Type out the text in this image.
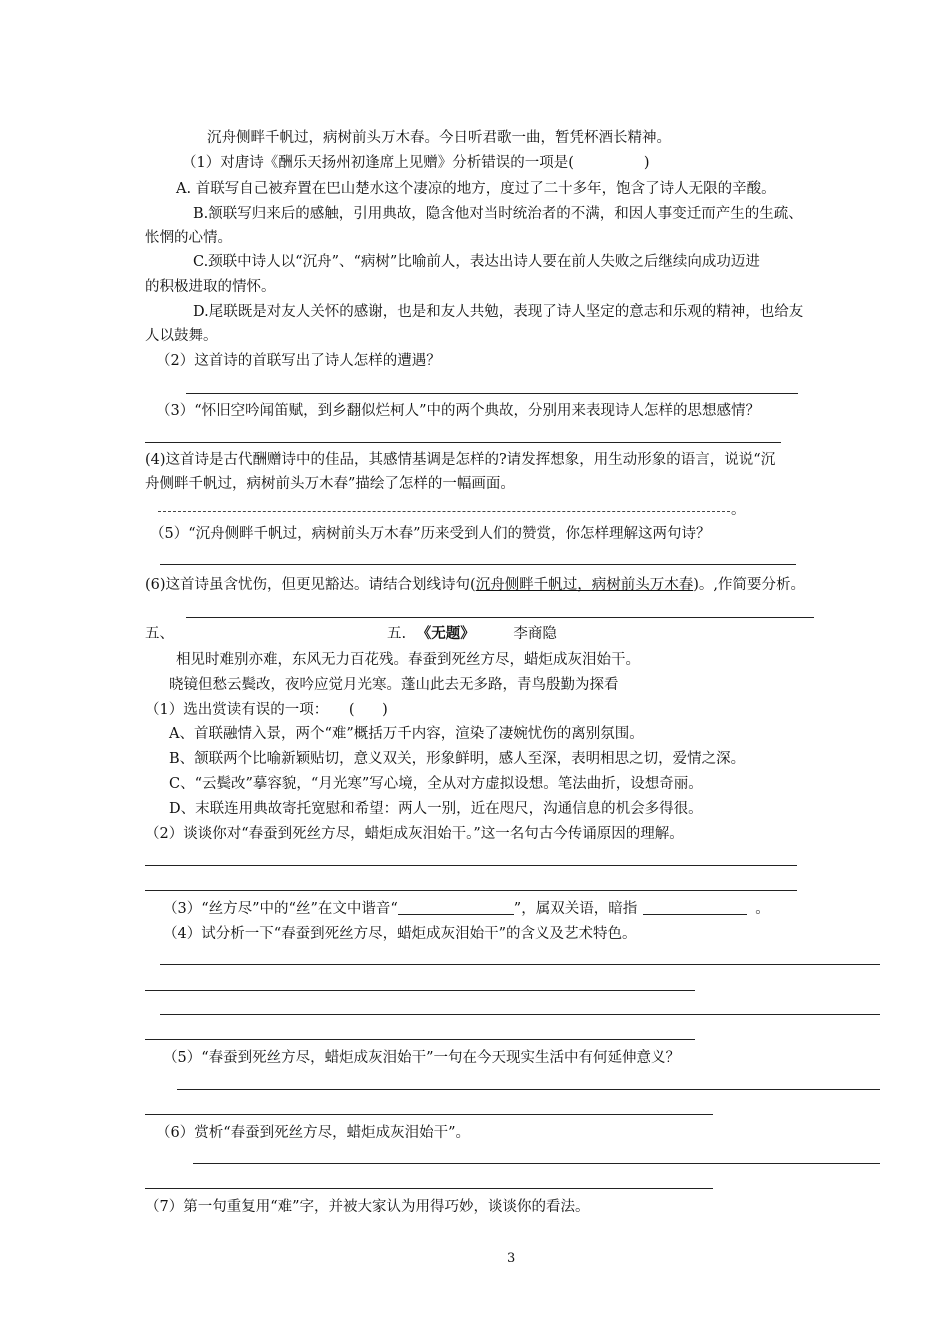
沉舟侧畔千帆过，病树前头万木春。今日听君歌一曲，暂凭杯酒长精神。
（1）对唐诗《酬乐天扬州初逢席上见赠》分析错误的一项是(	)
A. 首联写自己被弃置在巴山楚水这个凄凉的地方，度过了二十多年，饱含了诗人无限的辛酸。
B.颔联写归来后的感触，引用典故，隐含他对当时统治者的不满，和因人事变迁而产生的生疏、
怅惘的心情。
C.颈联中诗人以“沉舟”、“病树”比喻前人，表达出诗人要在前人失败之后继续向成功迈进
的积极进取的情怀。
D.尾联既是对友人关怀的感谢，也是和友人共勉，表现了诗人坚定的意志和乐观的精神，也给友
人以鼓舞。
（2）这首诗的首联写出了诗人怎样的遭遇？
（3）“怀旧空吟闻笛赋，到乡翻似烂柯人”中的两个典故，分别用来表现诗人怎样的思想感情？
(4)这首诗是古代酬赠诗中的佳品，其感情基调是怎样的?请发挥想象，用生动形象的语言，说说“沉
舟侧畔千帆过，病树前头万木春”描绘了怎样的一幅画面。
。
（5）“沉舟侧畔千帆过，病树前头万木春”历来受到人们的赞赏，你怎样理解这两句诗？
(6)这首诗虽含忧伤，但更见豁达。请结合划线诗句(沉舟侧畔千帆过，病树前头万木春)。,作简要分析。
五、	五. 《无题》	李商隐
相见时难别亦难，东风无力百花残。春蚕到死丝方尽，蜡炬成灰泪始干。
晓镜但愁云鬓改，夜吟应觉月光寒。蓬山此去无多路，青鸟殷勤为探看
（1）选出赏读有误的一项： (      )
A、首联融情入景，两个“难”概括万千内容，渲染了凄婉忧伤的离别氛围。
B、颔联两个比喻新颖贴切，意义双关，形象鲜明，感人至深，表明相思之切，爱情之深。
C、“云鬓改”摹容貌，“月光寒”写心境，全从对方虚拟设想。笔法曲折，设想奇丽。
D、末联连用典故寄托宽慰和希望：两人一别，近在咫尺，沟通信息的机会多得很。
（2）谈谈你对“春蚕到死丝方尽，蜡炬成灰泪始干。”这一名句古今传诵原因的理解。
（3）“丝方尽”中的“丝”在文中谐音“	”，属双关语，暗指	。
（4）试分析一下“春蚕到死丝方尽，蜡炬成灰泪始干”的含义及艺术特色。
（5）“春蚕到死丝方尽，蜡炬成灰泪始干”一句在今天现实生活中有何延伸意义？
（6）赏析“春蚕到死丝方尽，蜡炬成灰泪始干”。
（7）第一句重复用“难”字，并被大家认为用得巧妙，谈谈你的看法。
3
